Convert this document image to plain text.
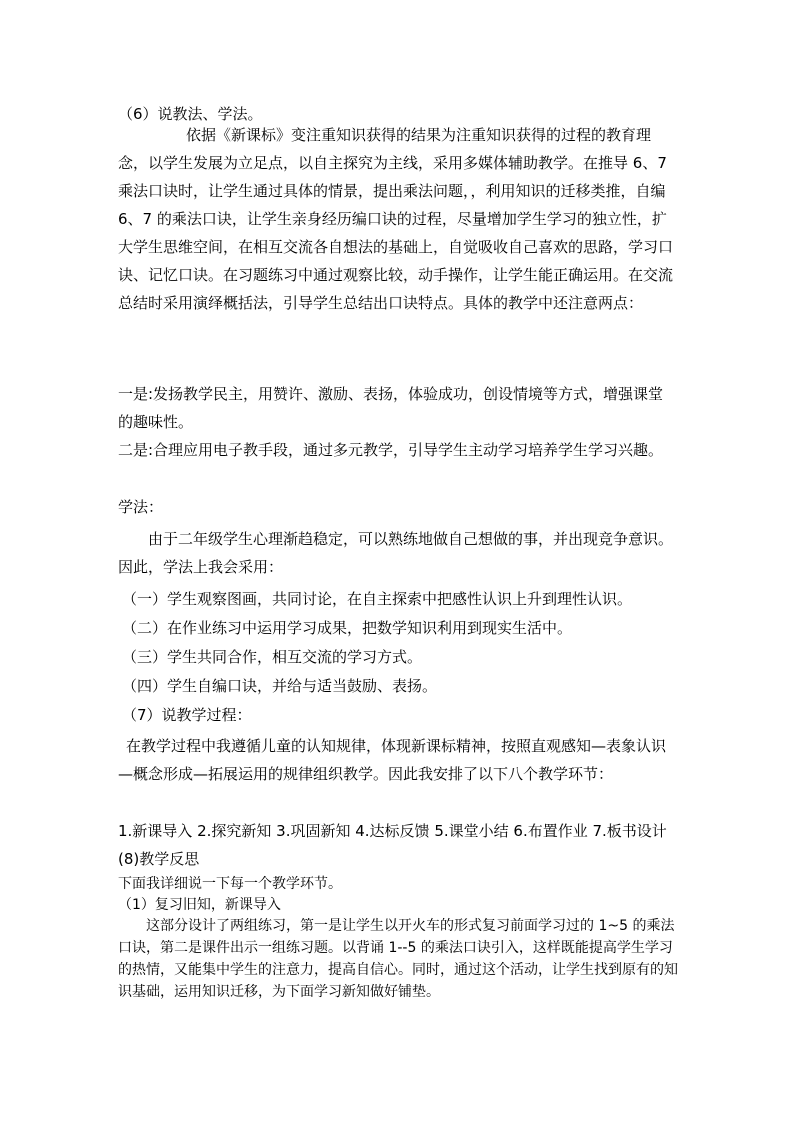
（6）说教法、学法。

依据《新课标》变注重知识获得的结果为注重知识获得的过程的教育理念，以学生发展为立足点，以自主探究为主线，采用多媒体辅助教学。在推导 6、7 乘法口诀时，让学生通过具体的情景，提出乘法问题，，利用知识的迁移类推，自编 6、7 的乘法口诀，让学生亲身经历编口诀的过程，尽量增加学生学习的独立性，扩大学生思维空间，在相互交流各自想法的基础上，自觉吸收自己喜欢的思路，学习口诀、记忆口诀。在习题练习中通过观察比较，动手操作，让学生能正确运用。在交流总结时采用演绎概括法，引导学生总结出口诀特点。具体的教学中还注意两点：

一是:发扬教学民主，用赞许、激励、表扬，体验成功，创设情境等方式，增强课堂的趣味性。

二是:合理应用电子教手段，通过多元教学，引导学生主动学习培养学生学习兴趣。

学法：

由于二年级学生心理渐趋稳定，可以熟练地做自己想做的事，并出现竞争意识。因此，学法上我会采用：

（一）学生观察图画，共同讨论，在自主探索中把感性认识上升到理性认识。

（二）在作业练习中运用学习成果，把数学知识利用到现实生活中。

（三）学生共同合作，相互交流的学习方式。

（四）学生自编口诀，并给与适当鼓励、表扬。

（7）说教学过程：

在教学过程中我遵循儿童的认知规律，体现新课标精神，按照直观感知—表象认识—概念形成—拓展运用的规律组织教学。因此我安排了以下八个教学环节：

1.新课导入 2.探究新知 3.巩固新知 4.达标反馈 5.课堂小结 6.布置作业 7.板书设计(8)教学反思

下面我详细说一下每一个教学环节。

（1）复习旧知，新课导入

这部分设计了两组练习，第一是让学生以开火车的形式复习前面学习过的 1~5 的乘法口诀，第二是课件出示一组练习题。以背诵 1--5 的乘法口诀引入，这样既能提高学生学习的热情，又能集中学生的注意力，提高自信心。同时，通过这个活动，让学生找到原有的知识基础，运用知识迁移，为下面学习新知做好铺垫。
